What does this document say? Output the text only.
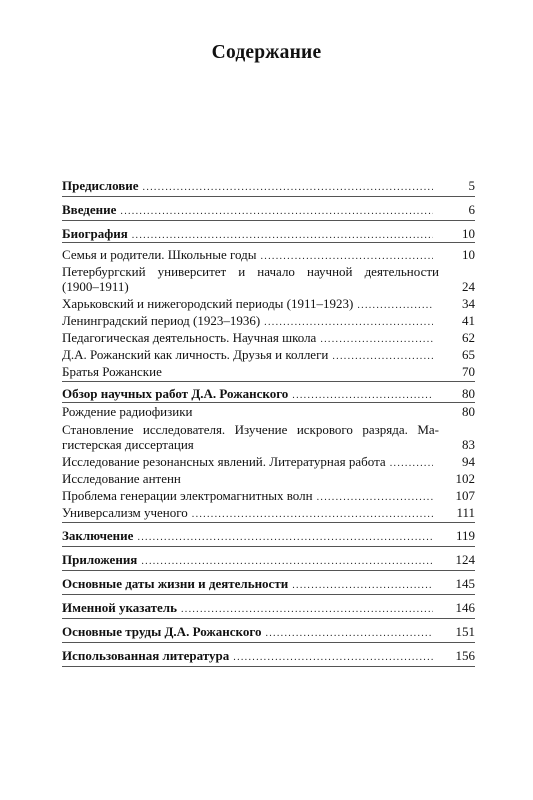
Содержание
Предисловие .....	5
Введение .....	6
Биография .....	10
Семья и родители. Школьные годы .....	10
Петербургский университет и начало научной деятельности
(1900–1911)	24
Харьковский и нижегородский периоды (1911–1923) .....	34
Ленинградский период (1923–1936) .....	41
Педагогическая деятельность. Научная школа .....	62
Д.А. Рожанский как личность. Друзья и коллеги .....	65
Братья Рожанские	70
Обзор научных работ Д.А. Рожанского .....	80
Рождение радиофизики	80
Становление исследователя. Изучение искрового разряда. Ма-
гистерская диссертация	83
Исследование резонансных явлений. Литературная работа .....	94
Исследование антенн	102
Проблема генерации электромагнитных волн .....	107
Универсализм ученого .....	111
Заключение .....	119
Приложения .....	124
Основные даты жизни и деятельности .....	145
Именной указатель .....	146
Основные труды Д.А. Рожанского .....	151
Использованная литература .....	156
